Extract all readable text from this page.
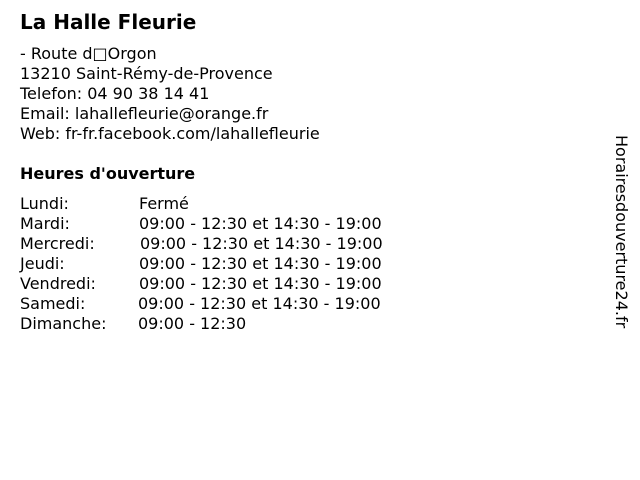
La Halle Fleurie
- Route d□Orgon
13210 Saint-Rémy-de-Provence
Telefon: 04 90 38 14 41
Email: lahallefleurie@orange.fr
Web: fr-fr.facebook.com/lahallefleurie
Heures d'ouverture
Lundi:	Fermé
Mardi:	09:00 - 12:30 et 14:30 - 19:00
Mercredi:	09:00 - 12:30 et 14:30 - 19:00
Jeudi:	09:00 - 12:30 et 14:30 - 19:00
Vendredi:	09:00 - 12:30 et 14:30 - 19:00
Samedi:	09:00 - 12:30 et 14:30 - 19:00
Dimanche: 09:00 - 12:30	Horairesdouverture24.fr
